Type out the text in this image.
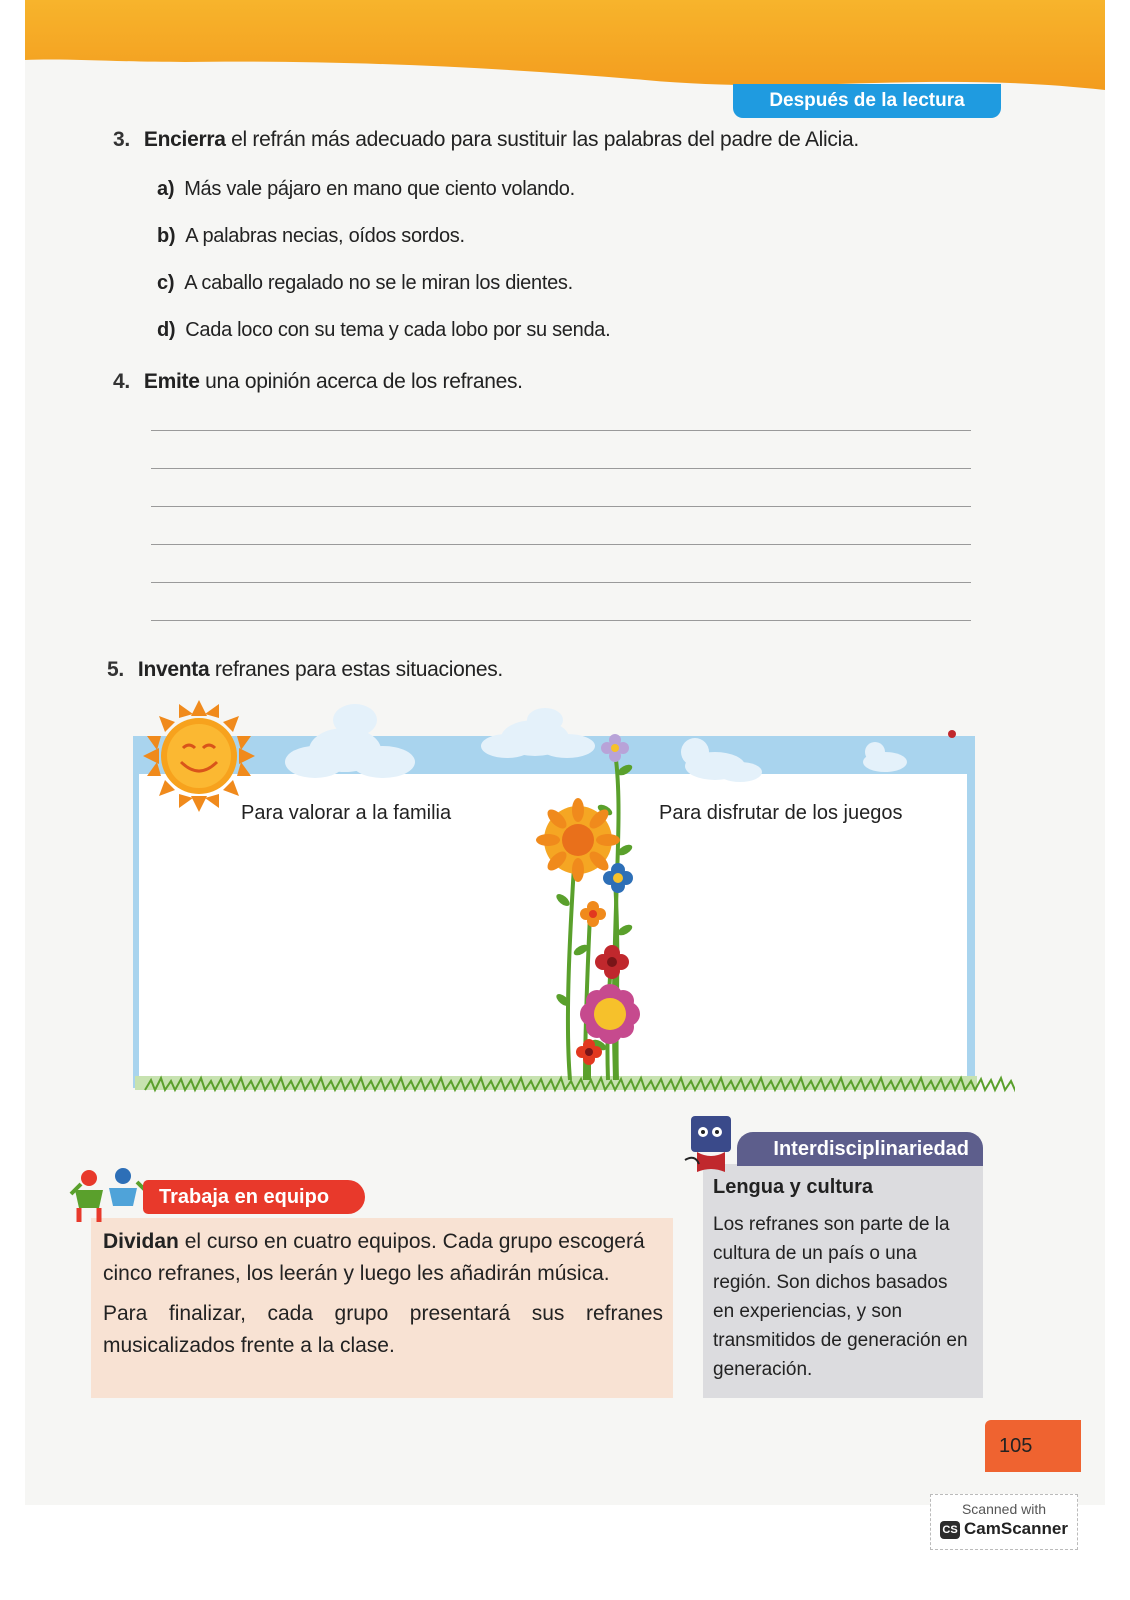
Después de la lectura
3. Encierra el refrán más adecuado para sustituir las palabras del padre de Alicia.
a) Más vale pájaro en mano que ciento volando.
b) A palabras necias, oídos sordos.
c) A caballo regalado no se le miran los dientes.
d) Cada loco con su tema y cada lobo por su senda.
4. Emite una opinión acerca de los refranes.
5. Inventa refranes para estas situaciones.
Para valorar a la familia	Para disfrutar de los juegos
Trabaja en equipo
Dividan el curso en cuatro equipos. Cada grupo escogerá cinco refranes, los leerán y luego les añadirán música.
Para finalizar, cada grupo presentará sus refranes musicalizados frente a la clase.
Interdisciplinariedad
Lengua y cultura
Los refranes son parte de la cultura de un país o una región. Son dichos basados en experiencias, y son transmitidos de generación en generación.
105
Scanned with
CS CamScanner
